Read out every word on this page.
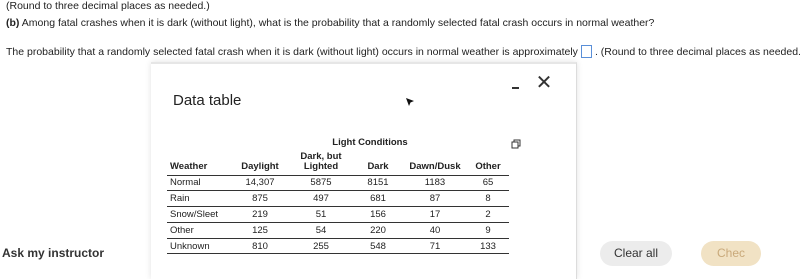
(Round to three decimal places as needed.)
(b) Among fatal crashes when it is dark (without light), what is the probability that a randomly selected fatal crash occurs in normal weather?
The probability that a randomly selected fatal crash when it is dark (without light) occurs in normal weather is approximately . (Round to three decimal places as needed.
Data table
✕
	Light Conditions				
Weather	Daylight	Dark, but Lighted	Dark	Dawn/Dusk	Other
Normal	14,307	5875	8151	1183	65
Rain	875	497	681	87	8
Snow/Sleet	219	51	156	17	2
Other	125	54	220	40	9
Unknown	810	255	548	71	133
Ask my instructor	Clear all	Chec
